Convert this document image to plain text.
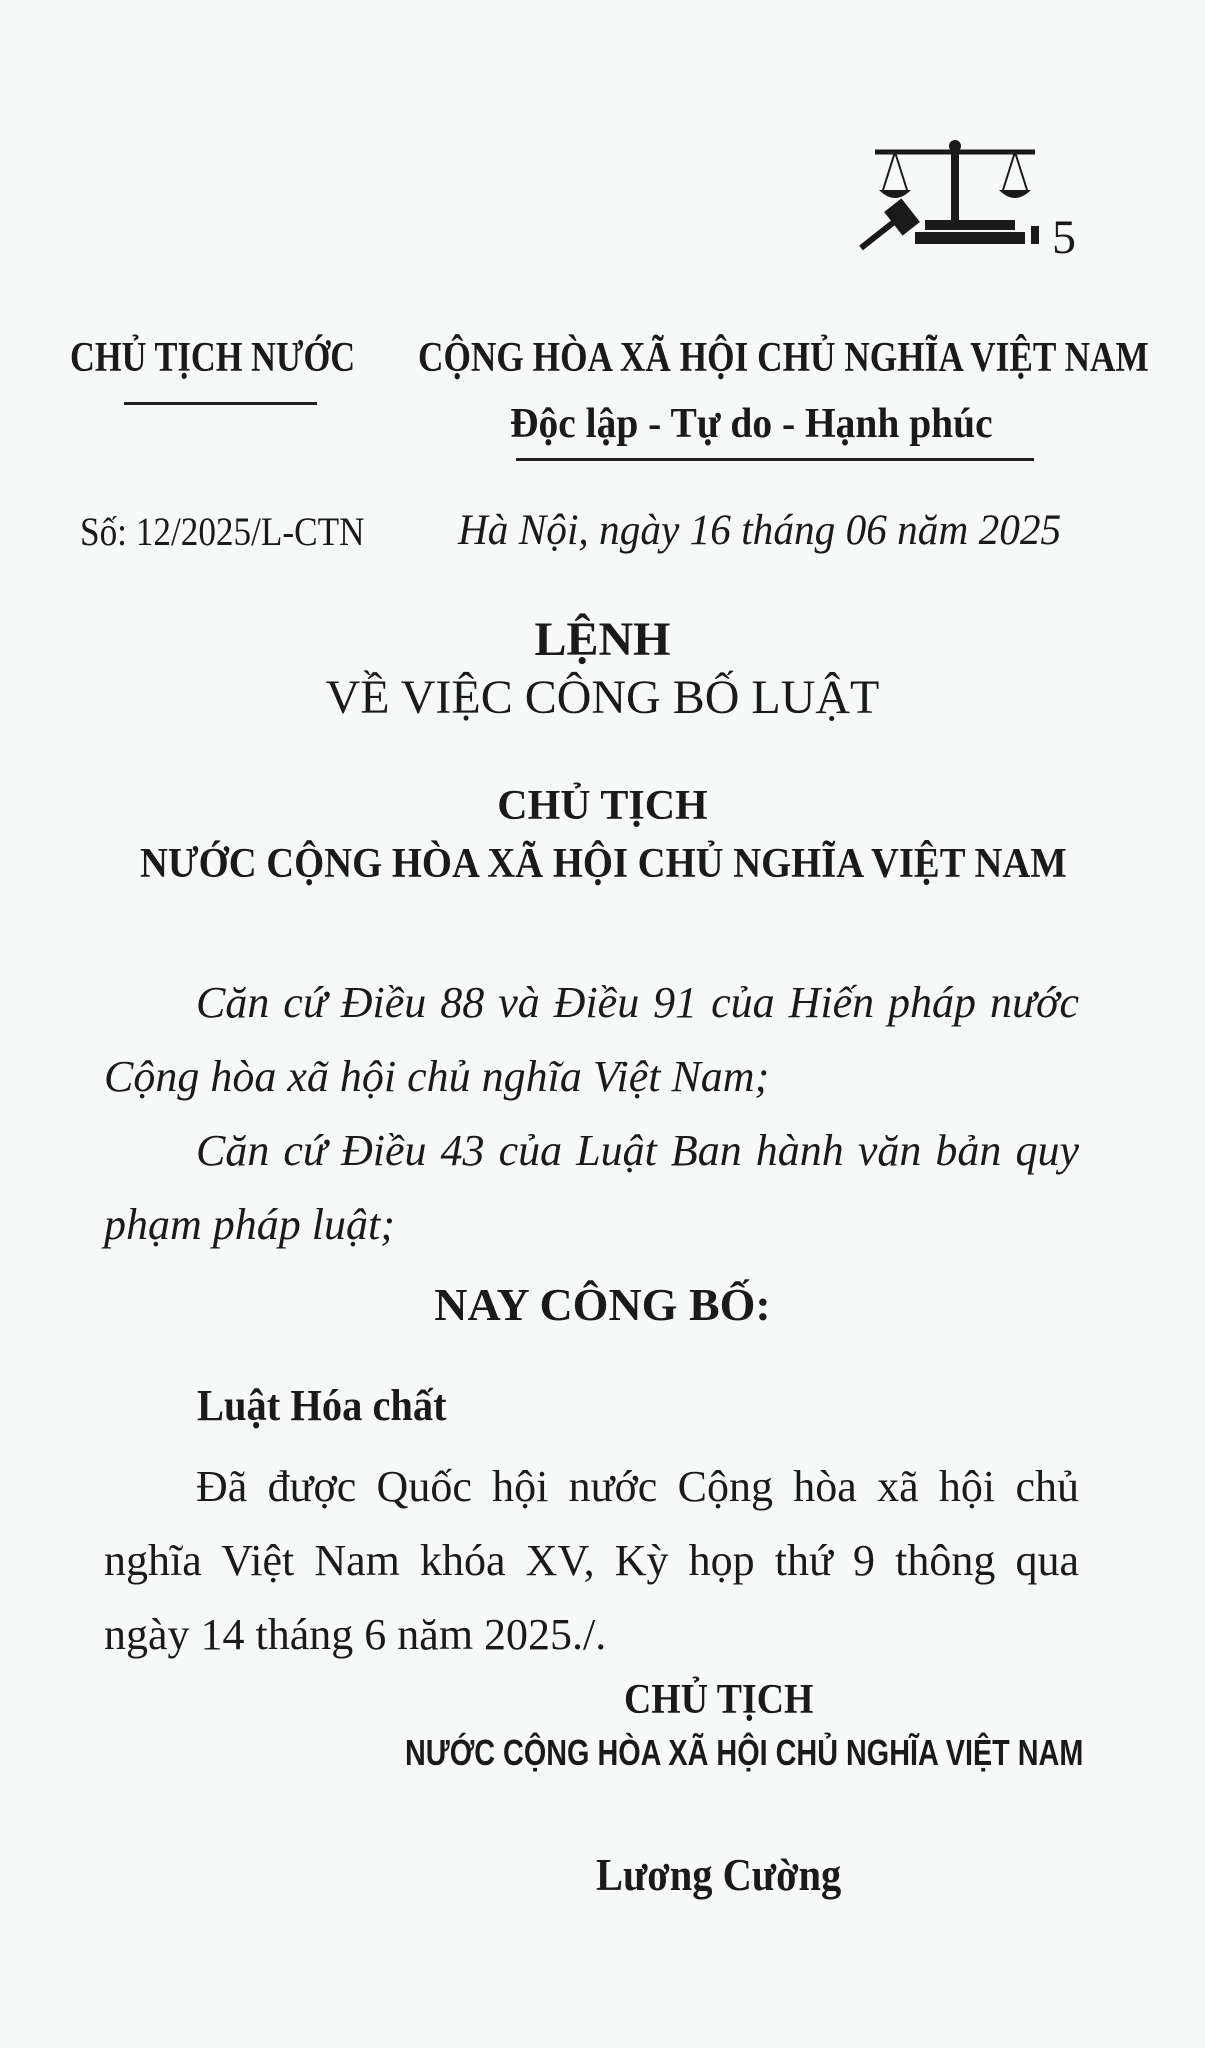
5
CHỦ TỊCH NƯỚC CỘNG HÒA XÃ HỘI CHỦ NGHĨA VIỆT NAM
Độc lập - Tự do - Hạnh phúc
Số: 12/2025/L-CTN Hà Nội, ngày 16 tháng 06 năm 2025
LỆNH
VỀ VIỆC CÔNG BỐ LUẬT
CHỦ TỊCH
NƯỚC CỘNG HÒA XÃ HỘI CHỦ NGHĨA VIỆT NAM
Căn cứ Điều 88 và Điều 91 của Hiến pháp nước Cộng hòa xã hội chủ nghĩa Việt Nam;
Căn cứ Điều 43 của Luật Ban hành văn bản quy phạm pháp luật;
NAY CÔNG BỐ:
Luật Hóa chất
Đã được Quốc hội nước Cộng hòa xã hội chủ nghĩa Việt Nam khóa XV, Kỳ họp thứ 9 thông qua ngày 14 tháng 6 năm 2025./.
CHỦ TỊCH
NƯỚC CỘNG HÒA XÃ HỘI CHỦ NGHĨA VIỆT NAM
Lương Cường
